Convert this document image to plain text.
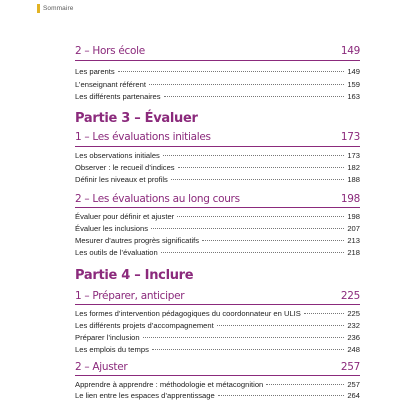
Sommaire
2 – Hors école	149
Les parents	149
L’enseignant référent	159
Les différents partenaires	163
Partie 3 – Évaluer
1 – Les évaluations initiales	173
Les observations initiales	173
Observer : le recueil d’indices	182
Définir les niveaux et profils	188
2 – Les évaluations au long cours	198
Évaluer pour définir et ajuster	198
Évaluer les inclusions	207
Mesurer d’autres progrès significatifs	213
Les outils de l’évaluation	218
Partie 4 – Inclure
1 – Préparer, anticiper	225
Les formes d’intervention pédagogiques du coordonnateur en ULIS	225
Les différents projets d’accompagnement	232
Préparer l’inclusion	236
Les emplois du temps	248
2 – Ajuster	257
Apprendre à apprendre : méthodologie et métacognition	257
Le lien entre les espaces d’apprentissage	264
